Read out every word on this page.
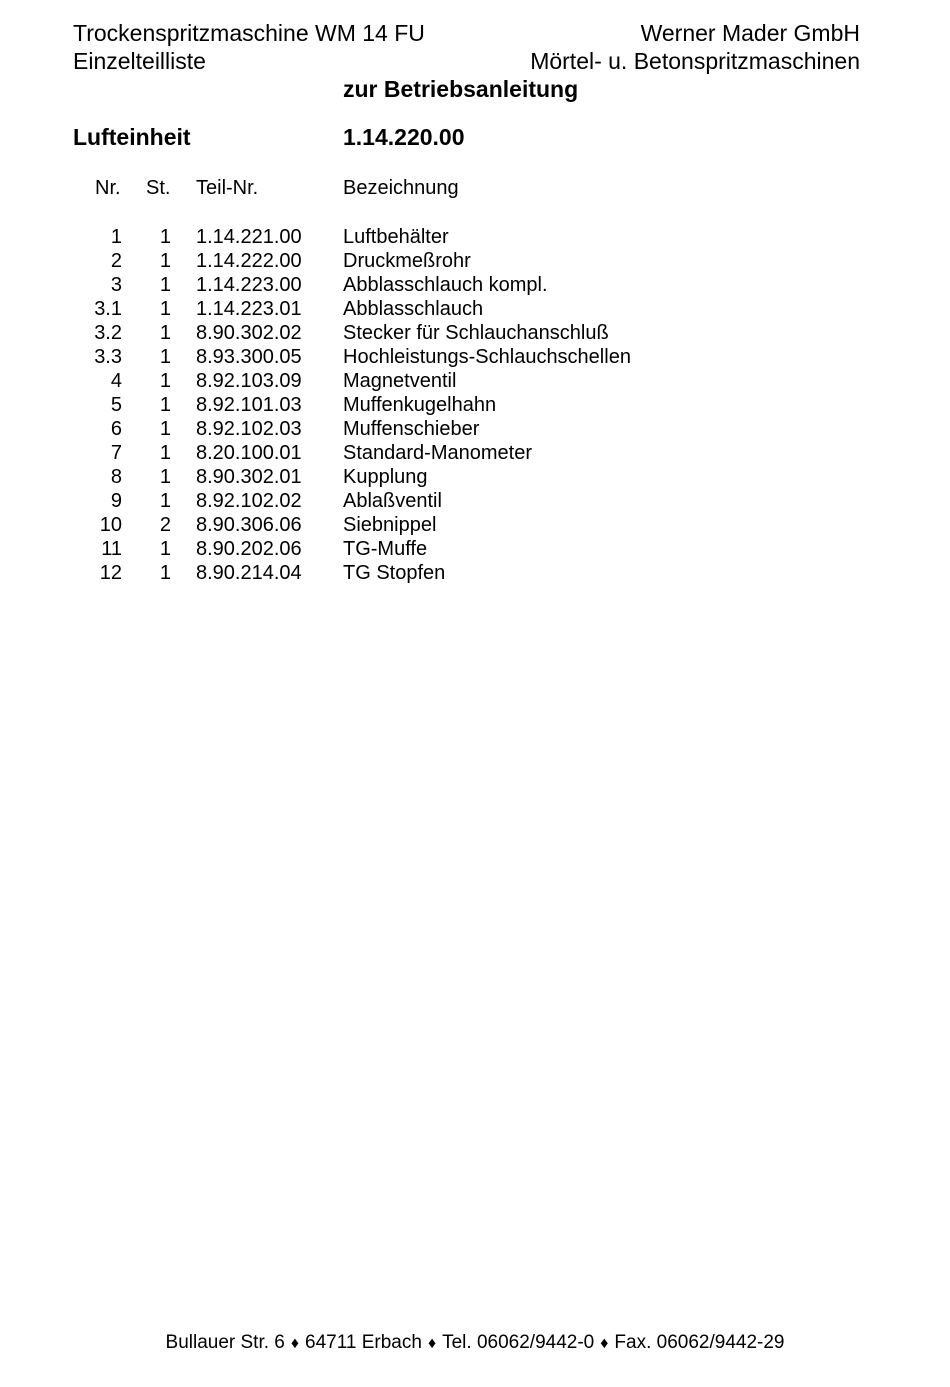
Trockenspritzmaschine WM 14 FU
Einzelteilliste
Werner Mader GmbH
Mörtel- u. Betonspritzmaschinen
zur Betriebsanleitung
Lufteinheit	1.14.220.00
Nr. St. Teil-Nr.	Bezeichnung
1 1 1.14.221.00 Luftbehälter
2 1 1.14.222.00 Druckmeßrohr
3 1 1.14.223.00 Abblasschlauch kompl.
3.1 1 1.14.223.01 Abblasschlauch
3.2 1 8.90.302.02 Stecker für Schlauchanschluß
3.3 1 8.93.300.05 Hochleistungs-Schlauchschellen
4 1 8.92.103.09 Magnetventil
5 1 8.92.101.03 Muffenkugelhahn
6 1 8.92.102.03 Muffenschieber
7 1 8.20.100.01 Standard-Manometer
8 1 8.90.302.01 Kupplung
9 1 8.92.102.02 Ablaßventil
10 2 8.90.306.06 Siebnippel
11 1 8.90.202.06 TG-Muffe
12 1 8.90.214.04 TG Stopfen
Bullauer Str. 6 ♦ 64711 Erbach ♦ Tel. 06062/9442-0 ♦ Fax. 06062/9442-29
